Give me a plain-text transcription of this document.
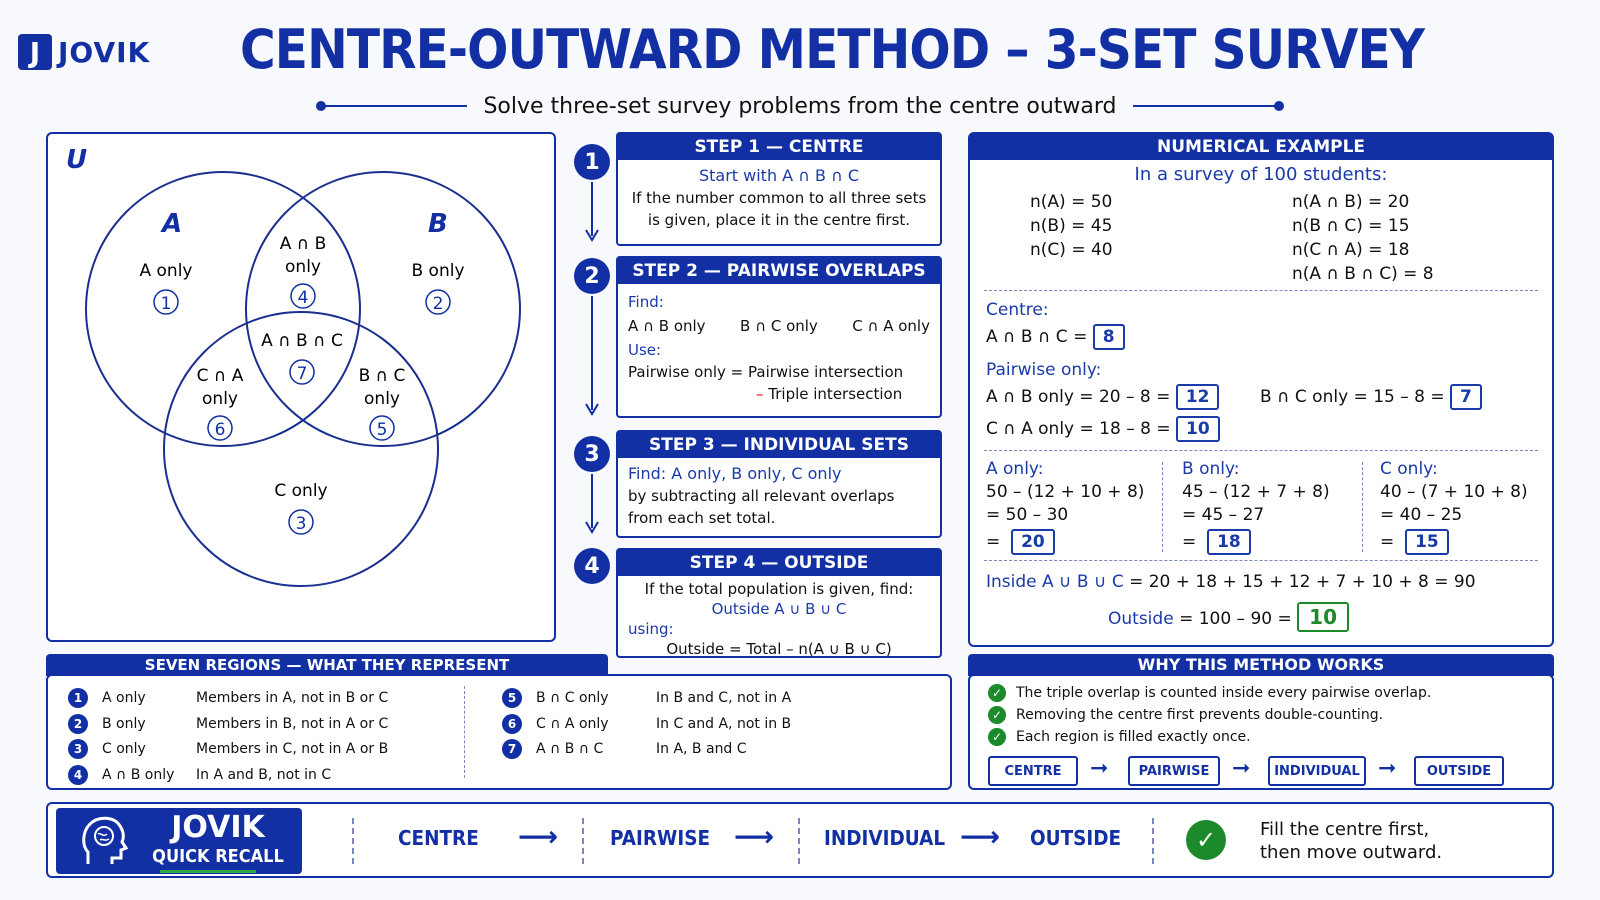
J JOVIK CENTRE-OUTWARD METHOD – 3-SET SURVEY
Solve three-set survey problems from the centre outward
U
A	B
A only
1
B only
2
C only
3
A ∩ B
only
4
B ∩ C
only
5
C ∩ A
only
6
A ∩ B ∩ C
7
1
2
3
4
STEP 1 — CENTRE
Start with A ∩ B ∩ C
If the number common to all three sets is given, place it in the centre first.
STEP 2 — PAIRWISE OVERLAPS
Find:
A ∩ B only B ∩ C only C ∩ A only
Use:
Pairwise only = Pairwise intersection
– Triple intersection
STEP 3 — INDIVIDUAL SETS
Find: A only, B only, C only
by subtracting all relevant overlaps from each set total.
STEP 4 — OUTSIDE
If the total population is given, find:
Outside A ∪ B ∪ C
using:
Outside = Total – n(A ∪ B ∪ C)
NUMERICAL EXAMPLE
In a survey of 100 students:
n(A) = 50
n(B) = 45
n(C) = 40
n(A ∩ B) = 20
n(B ∩ C) = 15
n(C ∩ A) = 18
n(A ∩ B ∩ C) = 8
Centre:
A ∩ B ∩ C = 8
Pairwise only:
A ∩ B only = 20 – 8 = 12	B ∩ C only = 15 – 8 = 7
C ∩ A only = 18 – 8 = 10
A only:
50 – (12 + 10 + 8)
= 50 – 30
= 20
B only:
45 – (12 + 7 + 8)
= 45 – 27
= 18
C only:
40 – (7 + 10 + 8)
= 40 – 25
= 15
Inside A ∪ B ∪ C = 20 + 18 + 15 + 12 + 7 + 10 + 8 = 90
Outside = 100 – 90 = 10
SEVEN REGIONS — WHAT THEY REPRESENT
1 A only	Members in A, not in B or C
2 B only	Members in B, not in A or C
3 C only	Members in C, not in A or B
4 A ∩ B only In A and B, not in C
5 B ∩ C only	In B and C, not in A
6 C ∩ A only	In C and A, not in B
7 A ∩ B ∩ C	In A, B and C
WHY THIS METHOD WORKS
✓ The triple overlap is counted inside every pairwise overlap.
✓ Removing the centre first prevents double-counting.
✓ Each region is filled exactly once.
CENTRE	➞	PAIRWISE	➞	INDIVIDUAL ➞	OUTSIDE
JOVIK
QUICK RECALL
CENTRE ⟶	PAIRWISE ⟶ INDIVIDUAL ⟶ OUTSIDE	✓	Fill the centre first,
then move outward.
